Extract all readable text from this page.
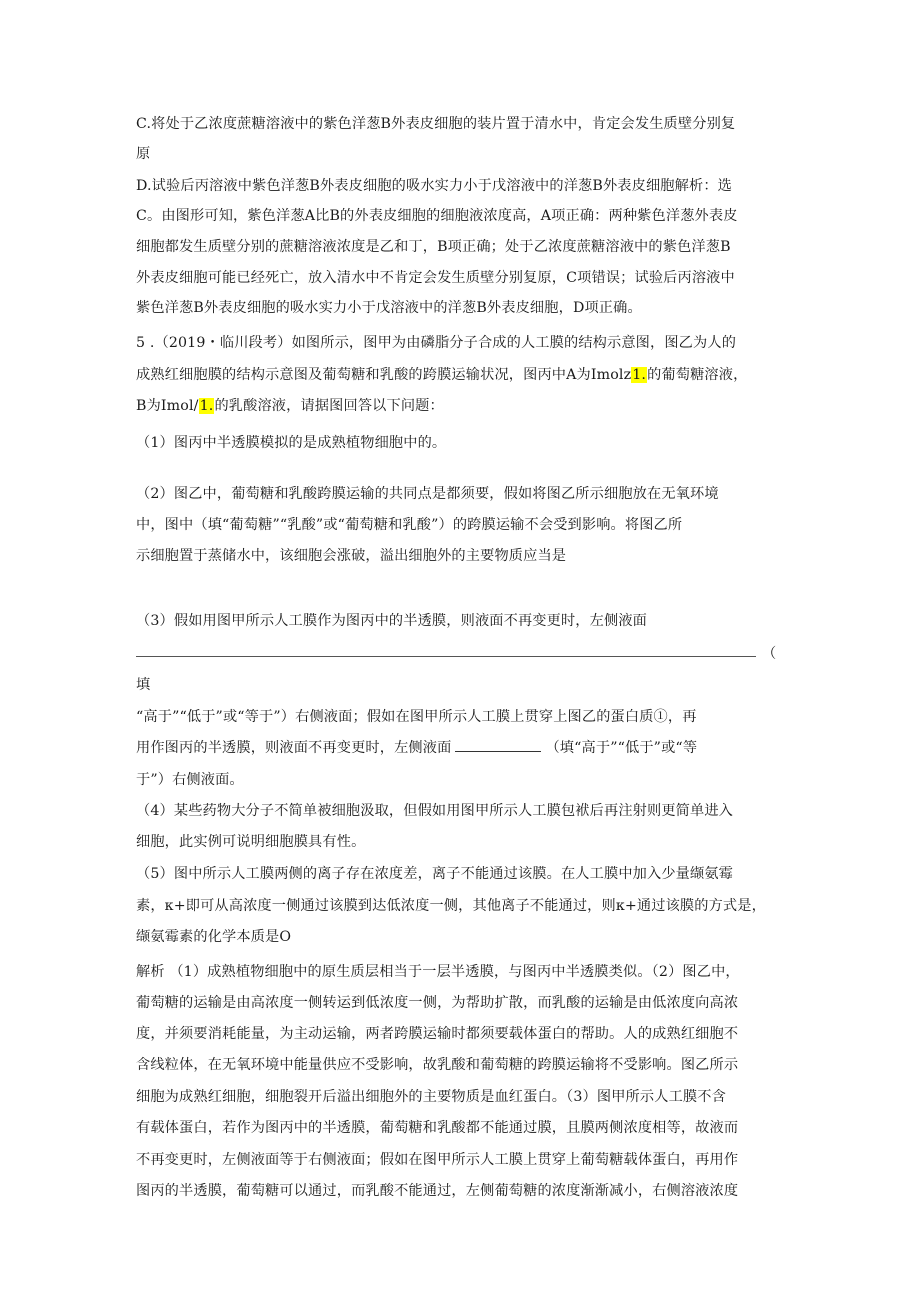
C.将处于乙浓度蔗糖溶液中的紫色洋葱B外表皮细胞的装片置于清水中，肯定会发生质壁分别复
原
D.试验后丙溶液中紫色洋葱B外表皮细胞的吸水实力小于戊溶液中的洋葱B外表皮细胞解析：选
C。由图形可知，紫色洋葱A比B的外表皮细胞的细胞液浓度高，A项正确：两种紫色洋葱外表皮
细胞都发生质壁分别的蔗糖溶液浓度是乙和丁，B项正确；处于乙浓度蔗糖溶液中的紫色洋葱B
外表皮细胞可能已经死亡，放入清水中不肯定会发生质壁分别复原，C项错误；试验后丙溶液中
紫色洋葱B外表皮细胞的吸水实力小于戊溶液中的洋葱B外表皮细胞，D项正确。
5 .（2019・临川段考）如图所示，图甲为由磷脂分子合成的人工膜的结构示意图，图乙为人的
成熟红细胞膜的结构示意图及葡萄糖和乳酸的跨膜运输状况，图丙中A为Imolz1.的葡萄糖溶液，
B为Imol/1.的乳酸溶液，请据图回答以下问题：
（1）图丙中半透膜模拟的是成熟植物细胞中的。
（2）图乙中，葡萄糖和乳酸跨膜运输的共同点是都须要，假如将图乙所示细胞放在无氧环境
中，图中（填“葡萄糖”“乳酸”或“葡萄糖和乳酸”）的跨膜运输不会受到影响。将图乙所
示细胞置于蒸储水中，该细胞会涨破，溢出细胞外的主要物质应当是
（3）假如用图甲所示人工膜作为图丙中的半透膜，则液面不再变更时，左侧液面
（
填
“高于”“低于”或“等于”）右侧液面；假如在图甲所示人工膜上贯穿上图乙的蛋白质①，再
用作图丙的半透膜，则液面不再变更时，左侧液面	（填“高于”“低于”或“等
于”）右侧液面。
（4）某些药物大分子不简单被细胞汲取，但假如用图甲所示人工膜包袱后再注射则更简单进入
细胞，此实例可说明细胞膜具有性。
（5）图中所示人工膜两侧的离子存在浓度差，离子不能通过该膜。在人工膜中加入少量缬氨霉
素，κ+即可从高浓度一侧通过该膜到达低浓度一侧，其他离子不能通过，则κ+通过该膜的方式是，
缬氨霉素的化学本质是O
解析 （1）成熟植物细胞中的原生质层相当于一层半透膜，与图丙中半透膜类似。（2）图乙中，
葡萄糖的运输是由高浓度一侧转运到低浓度一侧，为帮助扩散，而乳酸的运输是由低浓度向高浓
度，并须要消耗能量，为主动运输，两者跨膜运输时都须要载体蛋白的帮助。人的成熟红细胞不
含线粒体，在无氧环境中能量供应不受影响，故乳酸和葡萄糖的跨膜运输将不受影响。图乙所示
细胞为成熟红细胞，细胞裂开后溢出细胞外的主要物质是血红蛋白。（3）图甲所示人工膜不含
有载体蛋白，若作为图丙中的半透膜，葡萄糖和乳酸都不能通过膜，且膜两侧浓度相等，故液而
不再变更时，左侧液面等于右侧液面；假如在图甲所示人工膜上贯穿上葡萄糖载体蛋白，再用作
图丙的半透膜，葡萄糖可以通过，而乳酸不能通过，左侧葡萄糖的浓度渐渐减小，右侧溶液浓度
